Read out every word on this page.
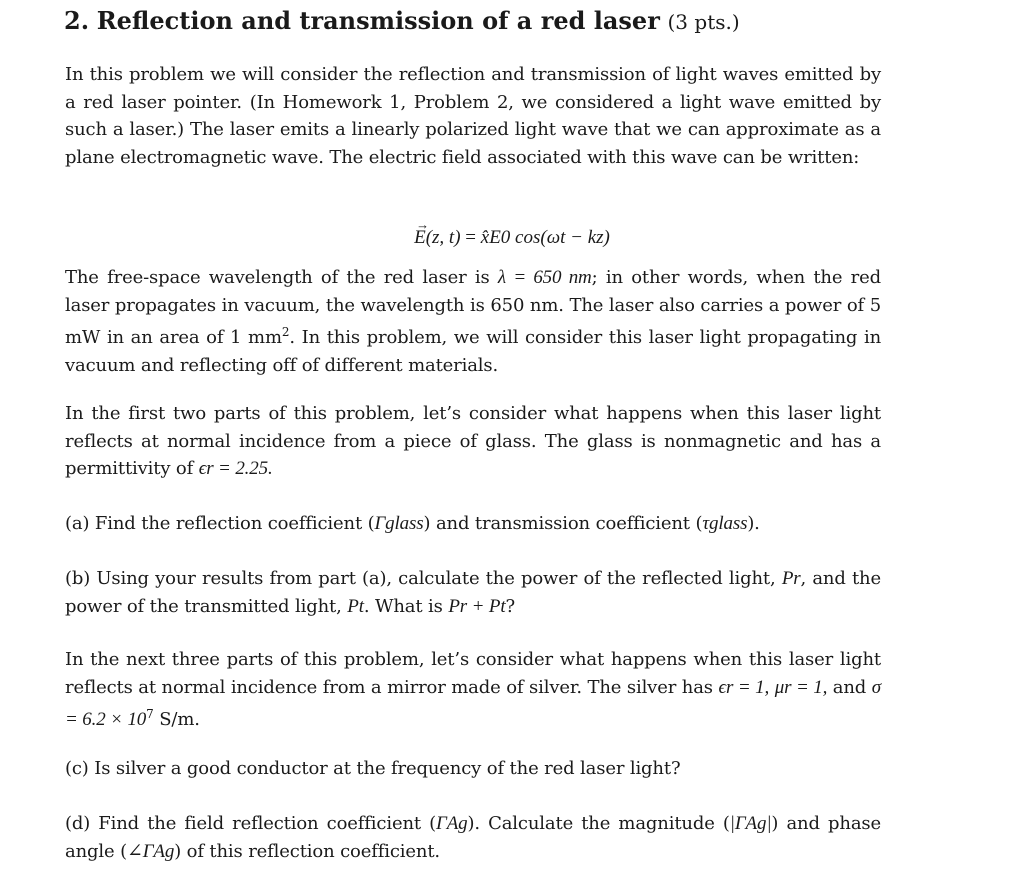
2. Reflection and transmission of a red laser (3 pts.)

In this problem we will consider the reflection and transmission of light waves emitted by a red laser pointer. (In Homework 1, Problem 2, we considered a light wave emitted by such a laser.) The laser emits a linearly polarized light wave that we can approximate as a plane electromagnetic wave. The electric field associated with this wave can be written:

→ E(z, t) = x̂E0 cos(ωt − kz)

The free-space wavelength of the red laser is λ = 650 nm; in other words, when the red laser propagates in vacuum, the wavelength is 650 nm. The laser also carries a power of 5 mW in an area of 1 $mm^2$. In this problem, we will consider this laser light propagating in vacuum and reflecting off of different materials.

In the first two parts of this problem, let’s consider what happens when this laser light reflects at normal incidence from a piece of glass. The glass is nonmagnetic and has a permittivity of ϵr = 2.25.

(a) Find the reflection coefficient (Γglass) and transmission coefficient (τglass).

(b) Using your results from part (a), calculate the power of the reflected light, Pr, and the power of the transmitted light, Pt. What is Pr + Pt?

In the next three parts of this problem, let’s consider what happens when this laser light reflects at normal incidence from a mirror made of silver. The silver has ϵr = 1, μr = 1, and $\sigma = 6.2 \times 10^7$ S/m.

(c) Is silver a good conductor at the frequency of the red laser light?

(d) Find the field reflection coefficient (ΓAg). Calculate the magnitude (|ΓAg|) and phase angle (∠ΓAg) of this reflection coefficient.
